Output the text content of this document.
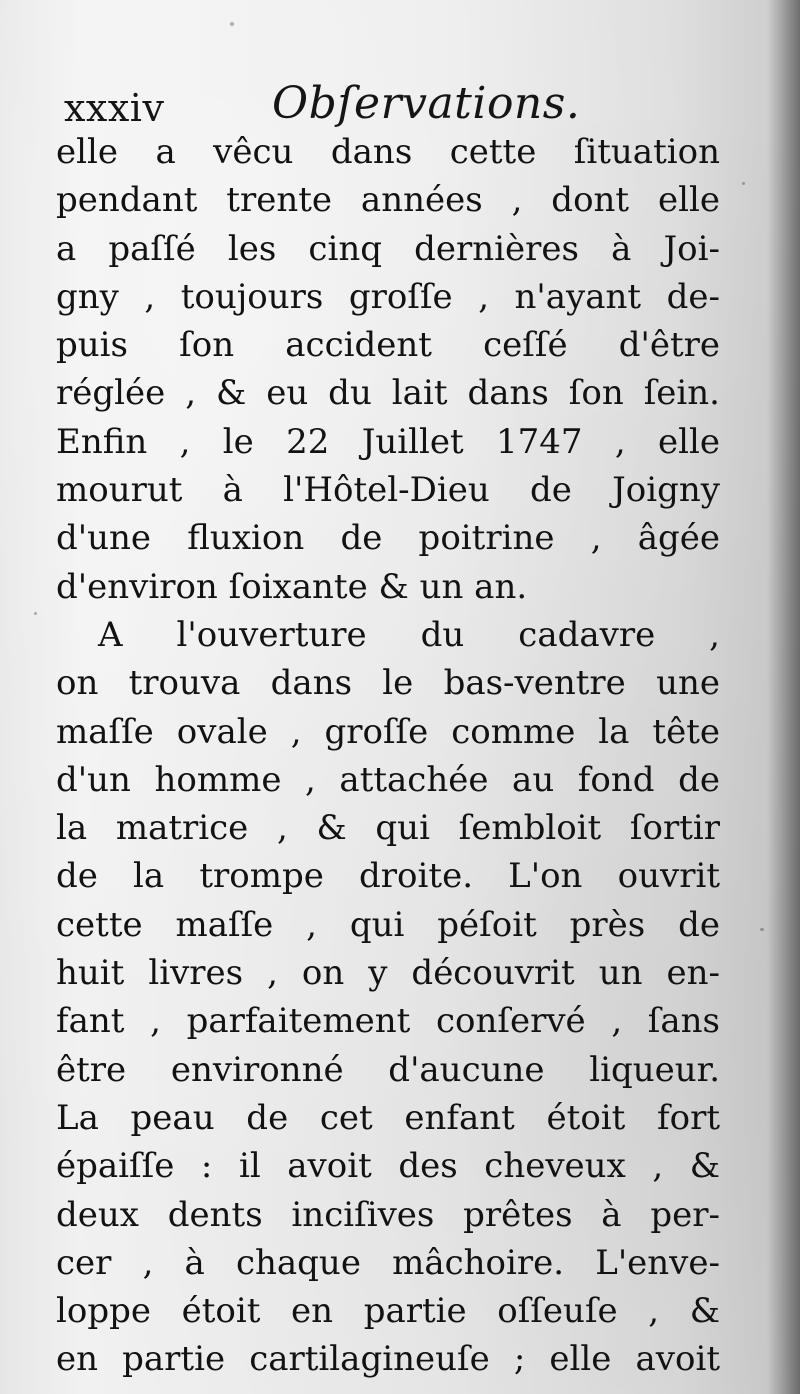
xxxiv Obſervations.
elle a vêcu dans cette ſituation
pendant trente années , dont elle
a paſſé les cinq dernières à Joi-
gny , toujours groſſe , n'ayant de-
puis ſon accident ceſſé d'être
réglée , & eu du lait dans ſon ſein.
Enfin , le 22 Juillet 1747 , elle
mourut à l'Hôtel-Dieu de Joigny
d'une fluxion de poitrine , âgée
d'environ ſoixante & un an.
A l'ouverture du cadavre ,
on trouva dans le bas-ventre une
maſſe ovale , groſſe comme la tête
d'un homme , attachée au fond de
la matrice , & qui ſembloit ſortir
de la trompe droite. L'on ouvrit
cette maſſe , qui péſoit près de
huit livres , on y découvrit un en-
fant , parfaitement conſervé , ſans
être environné d'aucune liqueur.
La peau de cet enfant étoit fort
épaiſſe : il avoit des cheveux , &
deux dents inciſives prêtes à per-
cer , à chaque mâchoire. L'enve-
loppe étoit en partie oſſeuſe , &
en partie cartilagineuſe ; elle avoit
